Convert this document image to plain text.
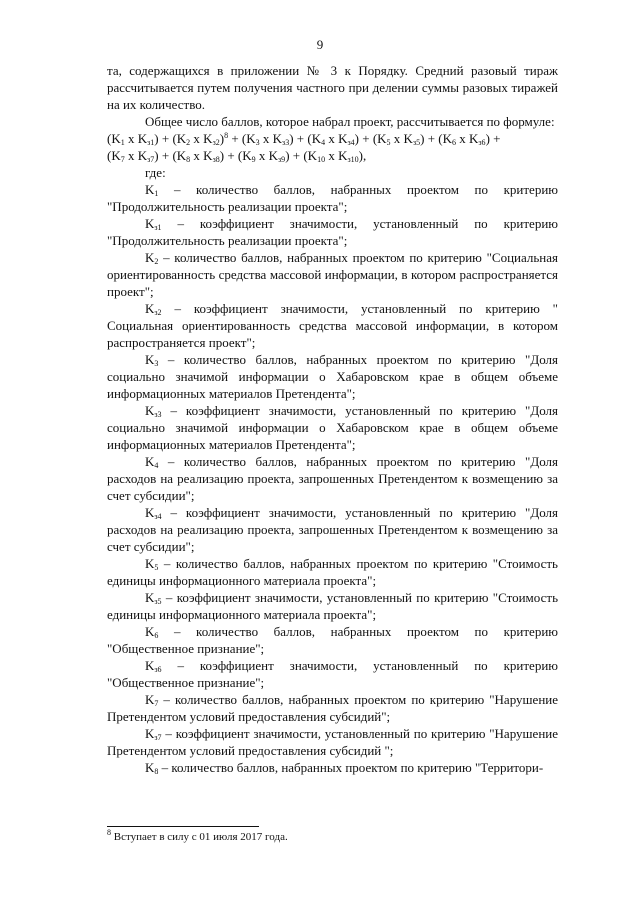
9

та, содержащихся в приложении № 3 к Порядку. Средний разовый тираж рассчитывается путем получения частного при делении суммы разовых тиражей на их количество.

Общее число баллов, которое набрал проект, рассчитывается по формуле:

($K_1$ x $K_{з1}) + (K_2$ x $K_{з2})^8 + (K_3$ x $K_{з3}) + (K_4$ x $K_{з4}) + (K_5$ x $K_{з5}) + (K_6$ x $K_{з6}$) +

($K_7$ x $K_{з7}) + (K_8$ x $K_{з8}) + (K_9$ x $K_{з9}) + (K_{10}$ x $K_{з10}$),

где:

$K_1$ – количество баллов, набранных проектом по критерию "Продолжительность реализации проекта";

$K_{з1}$ – коэффициент значимости, установленный по критерию "Продолжительность реализации проекта";

$K_2$ – количество баллов, набранных проектом по критерию "Социальная ориентированность средства массовой информации, в котором распространяется проект";

$K_{з2}$ – коэффициент значимости, установленный по критерию " Социальная ориентированность средства массовой информации, в котором распространяется проект";

$K_3$ – количество баллов, набранных проектом по критерию "Доля социально значимой информации о Хабаровском крае в общем объеме информационных материалов Претендента";

$K_{з3}$ – коэффициент значимости, установленный по критерию "Доля социально значимой информации о Хабаровском крае в общем объеме информационных материалов Претендента";

$K_4$ – количество баллов, набранных проектом по критерию "Доля расходов на реализацию проекта, запрошенных Претендентом к возмещению за счет субсидии";

$K_{з4}$ – коэффициент значимости, установленный по критерию "Доля расходов на реализацию проекта, запрошенных Претендентом к возмещению за счет субсидии";

$K_5$ – количество баллов, набранных проектом по критерию "Стоимость единицы информационного материала проекта";

$K_{з5}$ – коэффициент значимости, установленный по критерию "Стоимость единицы информационного материала проекта";

$K_6$ – количество баллов, набранных проектом по критерию "Общественное признание";

$K_{з6}$ – коэффициент значимости, установленный по критерию "Общественное признание";

$K_7$ – количество баллов, набранных проектом по критерию "Нарушение Претендентом условий предоставления субсидий";

$K_{з7}$ – коэффициент значимости, установленный по критерию "Нарушение Претендентом условий предоставления субсидий ";

$K_8$ – количество баллов, набранных проектом по критерию "Территори-

$^8$ Вступает в силу с 01 июля 2017 года.
